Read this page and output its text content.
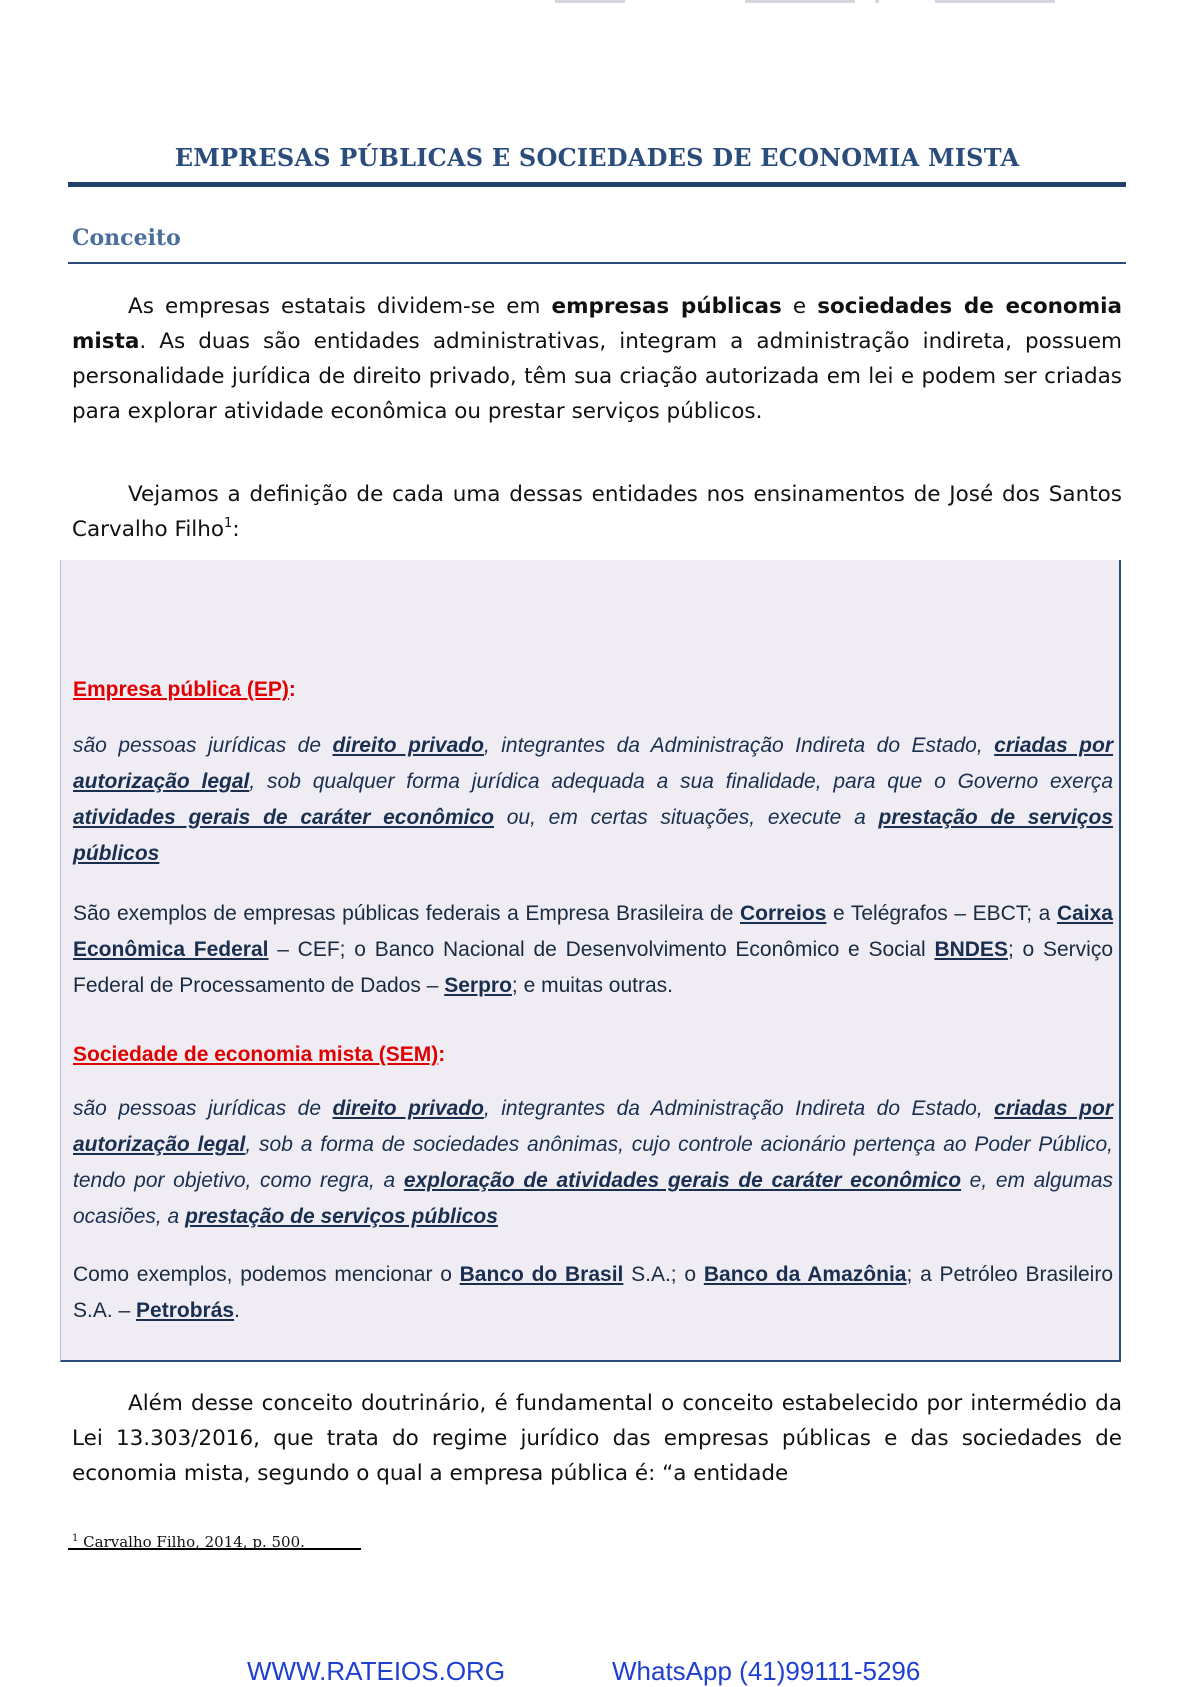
EMPRESAS PÚBLICAS E SOCIEDADES DE ECONOMIA MISTA
Conceito

As empresas estatais dividem-se em empresas públicas e sociedades de economia mista. As duas são entidades administrativas, integram a administração indireta, possuem personalidade jurídica de direito privado, têm sua criação autorizada em lei e podem ser criadas para explorar atividade econômica ou prestar serviços públicos.

Vejamos a definição de cada uma dessas entidades nos ensinamentos de José dos Santos Carvalho Filho$^1$:

Empresa pública (EP):

são pessoas jurídicas de direito privado, integrantes da Administração Indireta do Estado, criadas por autorização legal, sob qualquer forma jurídica adequada a sua finalidade, para que o Governo exerça atividades gerais de caráter econômico ou, em certas situações, execute a prestação de serviços públicos

São exemplos de empresas públicas federais a Empresa Brasileira de Correios e Telégrafos – EBCT; a Caixa Econômica Federal – CEF; o Banco Nacional de Desenvolvimento Econômico e Social BNDES; o Serviço Federal de Processamento de Dados – Serpro; e muitas outras.

Sociedade de economia mista (SEM):

são pessoas jurídicas de direito privado, integrantes da Administração Indireta do Estado, criadas por autorização legal, sob a forma de sociedades anônimas, cujo controle acionário pertença ao Poder Público, tendo por objetivo, como regra, a exploração de atividades gerais de caráter econômico e, em algumas ocasiões, a prestação de serviços públicos

Como exemplos, podemos mencionar o Banco do Brasil S.A.; o Banco da Amazônia; a Petróleo Brasileiro S.A. – Petrobrás.

Além desse conceito doutrinário, é fundamental o conceito estabelecido por intermédio da Lei 13.303/2016, que trata do regime jurídico das empresas públicas e das sociedades de economia mista, segundo o qual a empresa pública é: “a entidade

$^1$ Carvalho Filho, 2014, p. 500.

WWW.RATEIOS.ORG	WhatsApp (41)99111-5296
